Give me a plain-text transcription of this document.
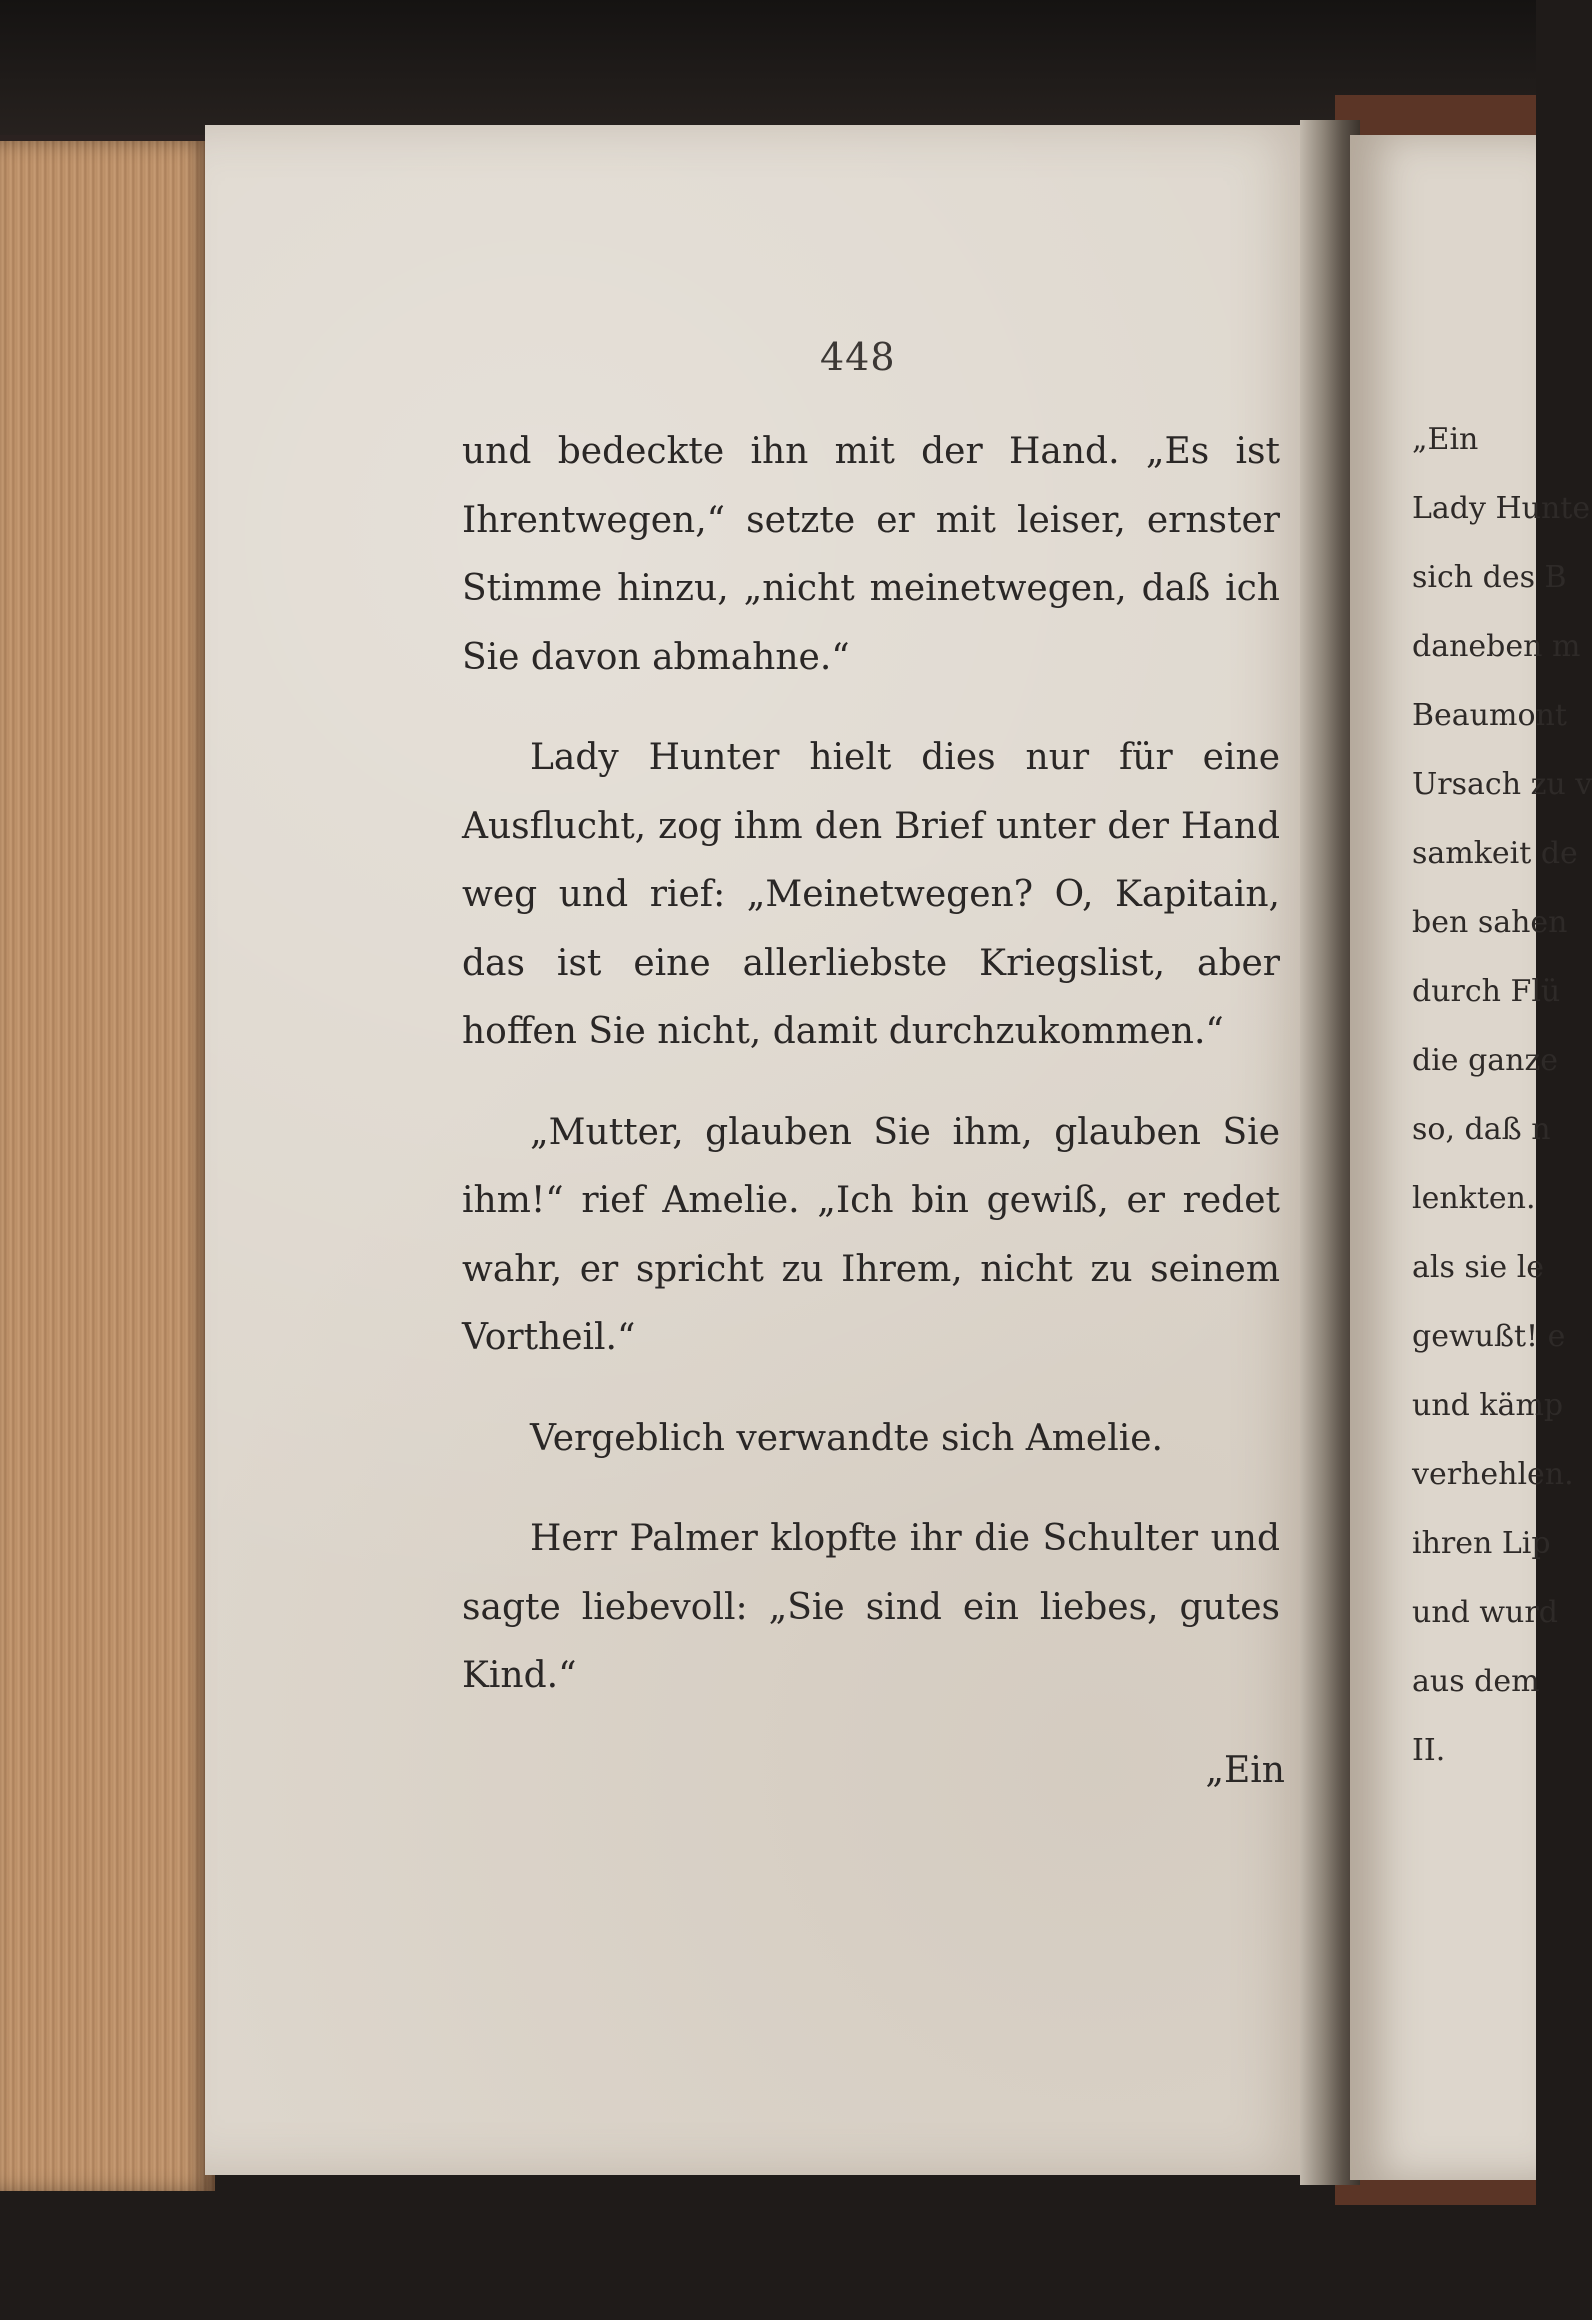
448

und bedeckte ihn mit der Hand. „Es ist Ihrentwegen,“ setzte er mit leiser, ernster Stimme hinzu, „nicht meinetwegen, daß ich Sie davon abmahne.“

Lady Hunter hielt dies nur für eine Ausflucht, zog ihm den Brief unter der Hand weg und rief: „Meinetwegen? O, Kapitain, das ist eine allerliebste Kriegslist, aber hoffen Sie nicht, damit durchzukommen.“

„Mutter, glauben Sie ihm, glauben Sie ihm!“ rief Amelie. „Ich bin gewiß, er redet wahr, er spricht zu Ihrem, nicht zu seinem Vortheil.“

Vergeblich verwandte sich Amelie.

Herr Palmer klopfte ihr die Schulter und sagte liebevoll: „Sie sind ein liebes, gutes Kind.“

„Ein
„Ein
Lady Hunte
sich des B
daneben m
Beaumont
Ursach zu v
samkeit de
ben sahen
durch Flü
die ganze
so, daß n
lenkten.
als sie le
gewußt! e
und kämp
verhehlen.
ihren Lip
und wurd
aus dem
II.
